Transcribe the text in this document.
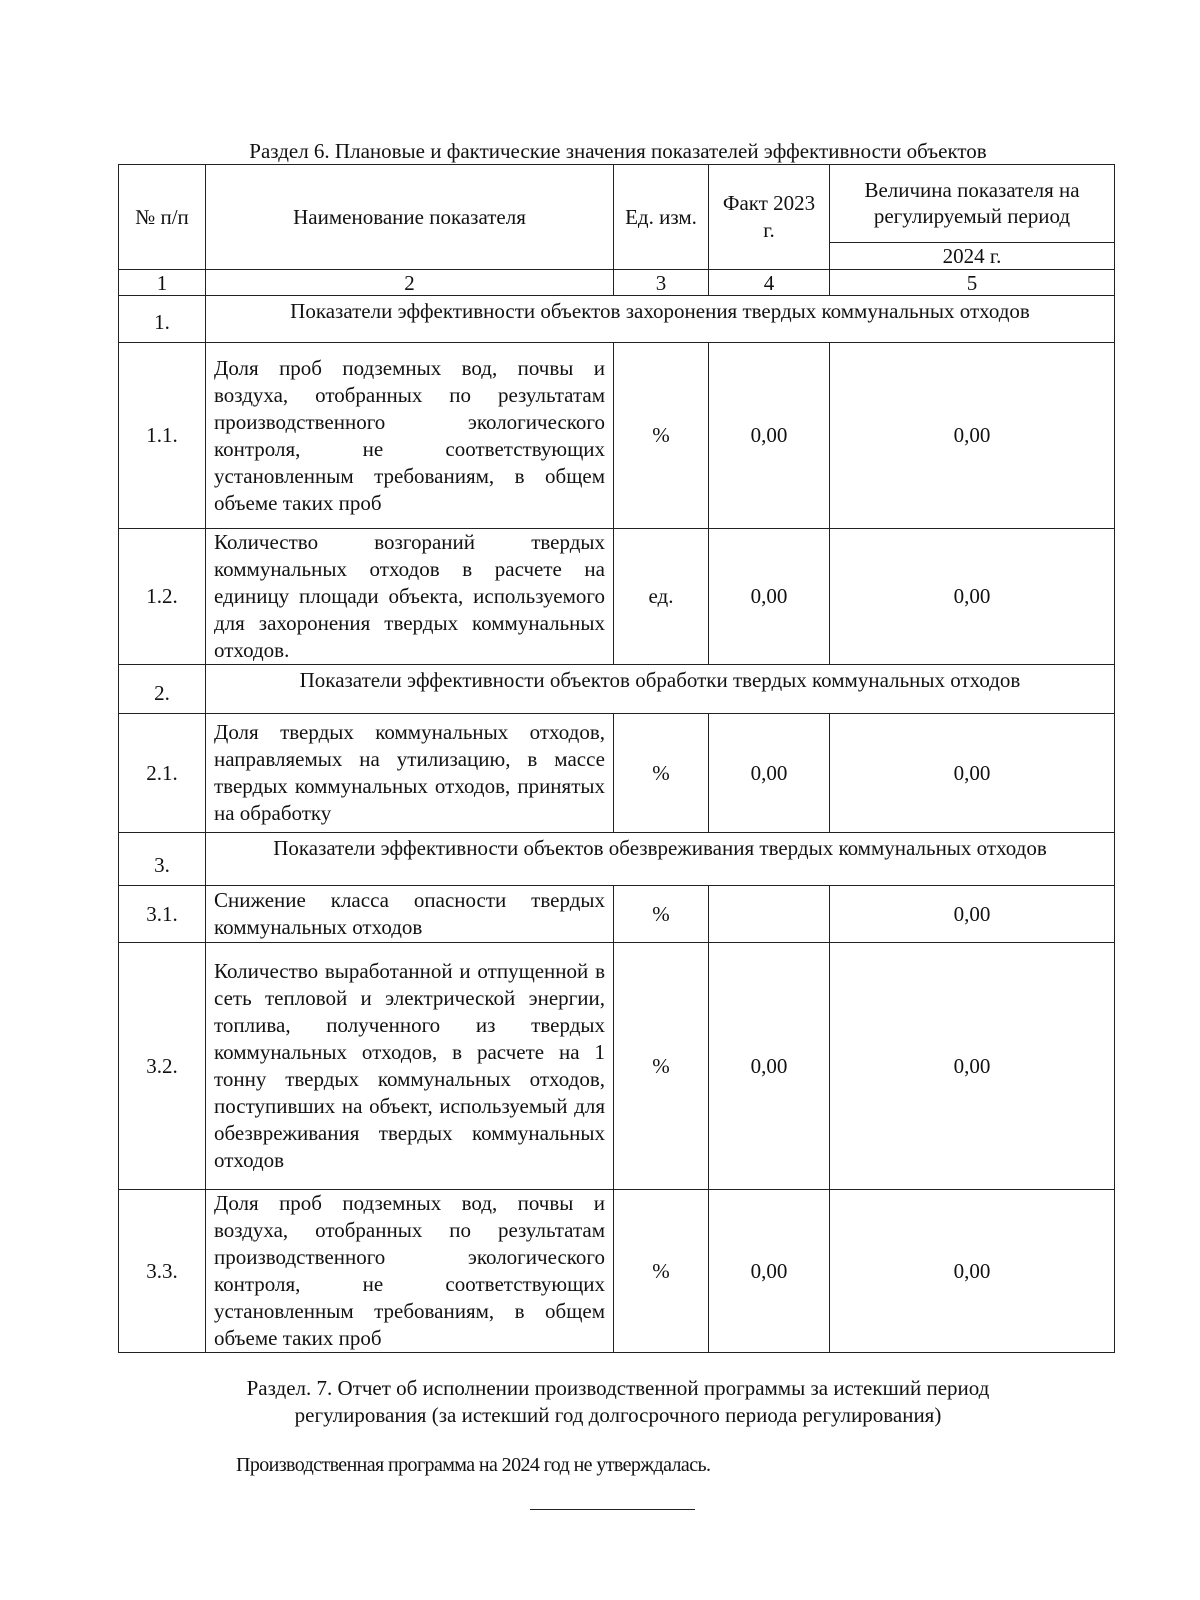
Раздел 6. Плановые и фактические значения показателей эффективности объектов
№ п/п	Наименование показателя	Ед. изм.	Факт 2023 г.	Величина показателя на регулируемый период
				2024 г.
1	2	3	4	5
1.	Показатели эффективности объектов захоронения твердых коммунальных отходов			
1.1.	Доля проб подземных вод, почвы и воздуха, отобранных по результатам производственного экологического контроля, не соответствующих установленным требованиям, в общем объеме таких проб	%	0,00	0,00
1.2.	Количество возгораний твердых коммунальных отходов в расчете на единицу площади объекта, используемого для захоронения твердых коммунальных отходов.	ед.	0,00	0,00
2.	Показатели эффективности объектов обработки твердых коммунальных отходов			
2.1.	Доля твердых коммунальных отходов, направляемых на утилизацию, в массе твердых коммунальных отходов, принятых на обработку	%	0,00	0,00
3.	Показатели эффективности объектов обезвреживания твердых коммунальных отходов			
3.1.	Снижение класса опасности твердых коммунальных отходов	%		0,00
3.2.	Количество выработанной и отпущенной в сеть тепловой и электрической энергии, топлива, полученного из твердых коммунальных отходов, в расчете на 1 тонну твердых коммунальных отходов, поступивших на объект, используемый для обезвреживания твердых коммунальных отходов	%	0,00	0,00
3.3.	Доля проб подземных вод, почвы и воздуха, отобранных по результатам производственного экологического контроля, не соответствующих установленным требованиям, в общем объеме таких проб	%	0,00	0,00
Раздел. 7. Отчет об исполнении производственной программы за истекший период
регулирования (за истекший год долгосрочного периода регулирования)
Производственная программа на 2024 год не утверждалась.
